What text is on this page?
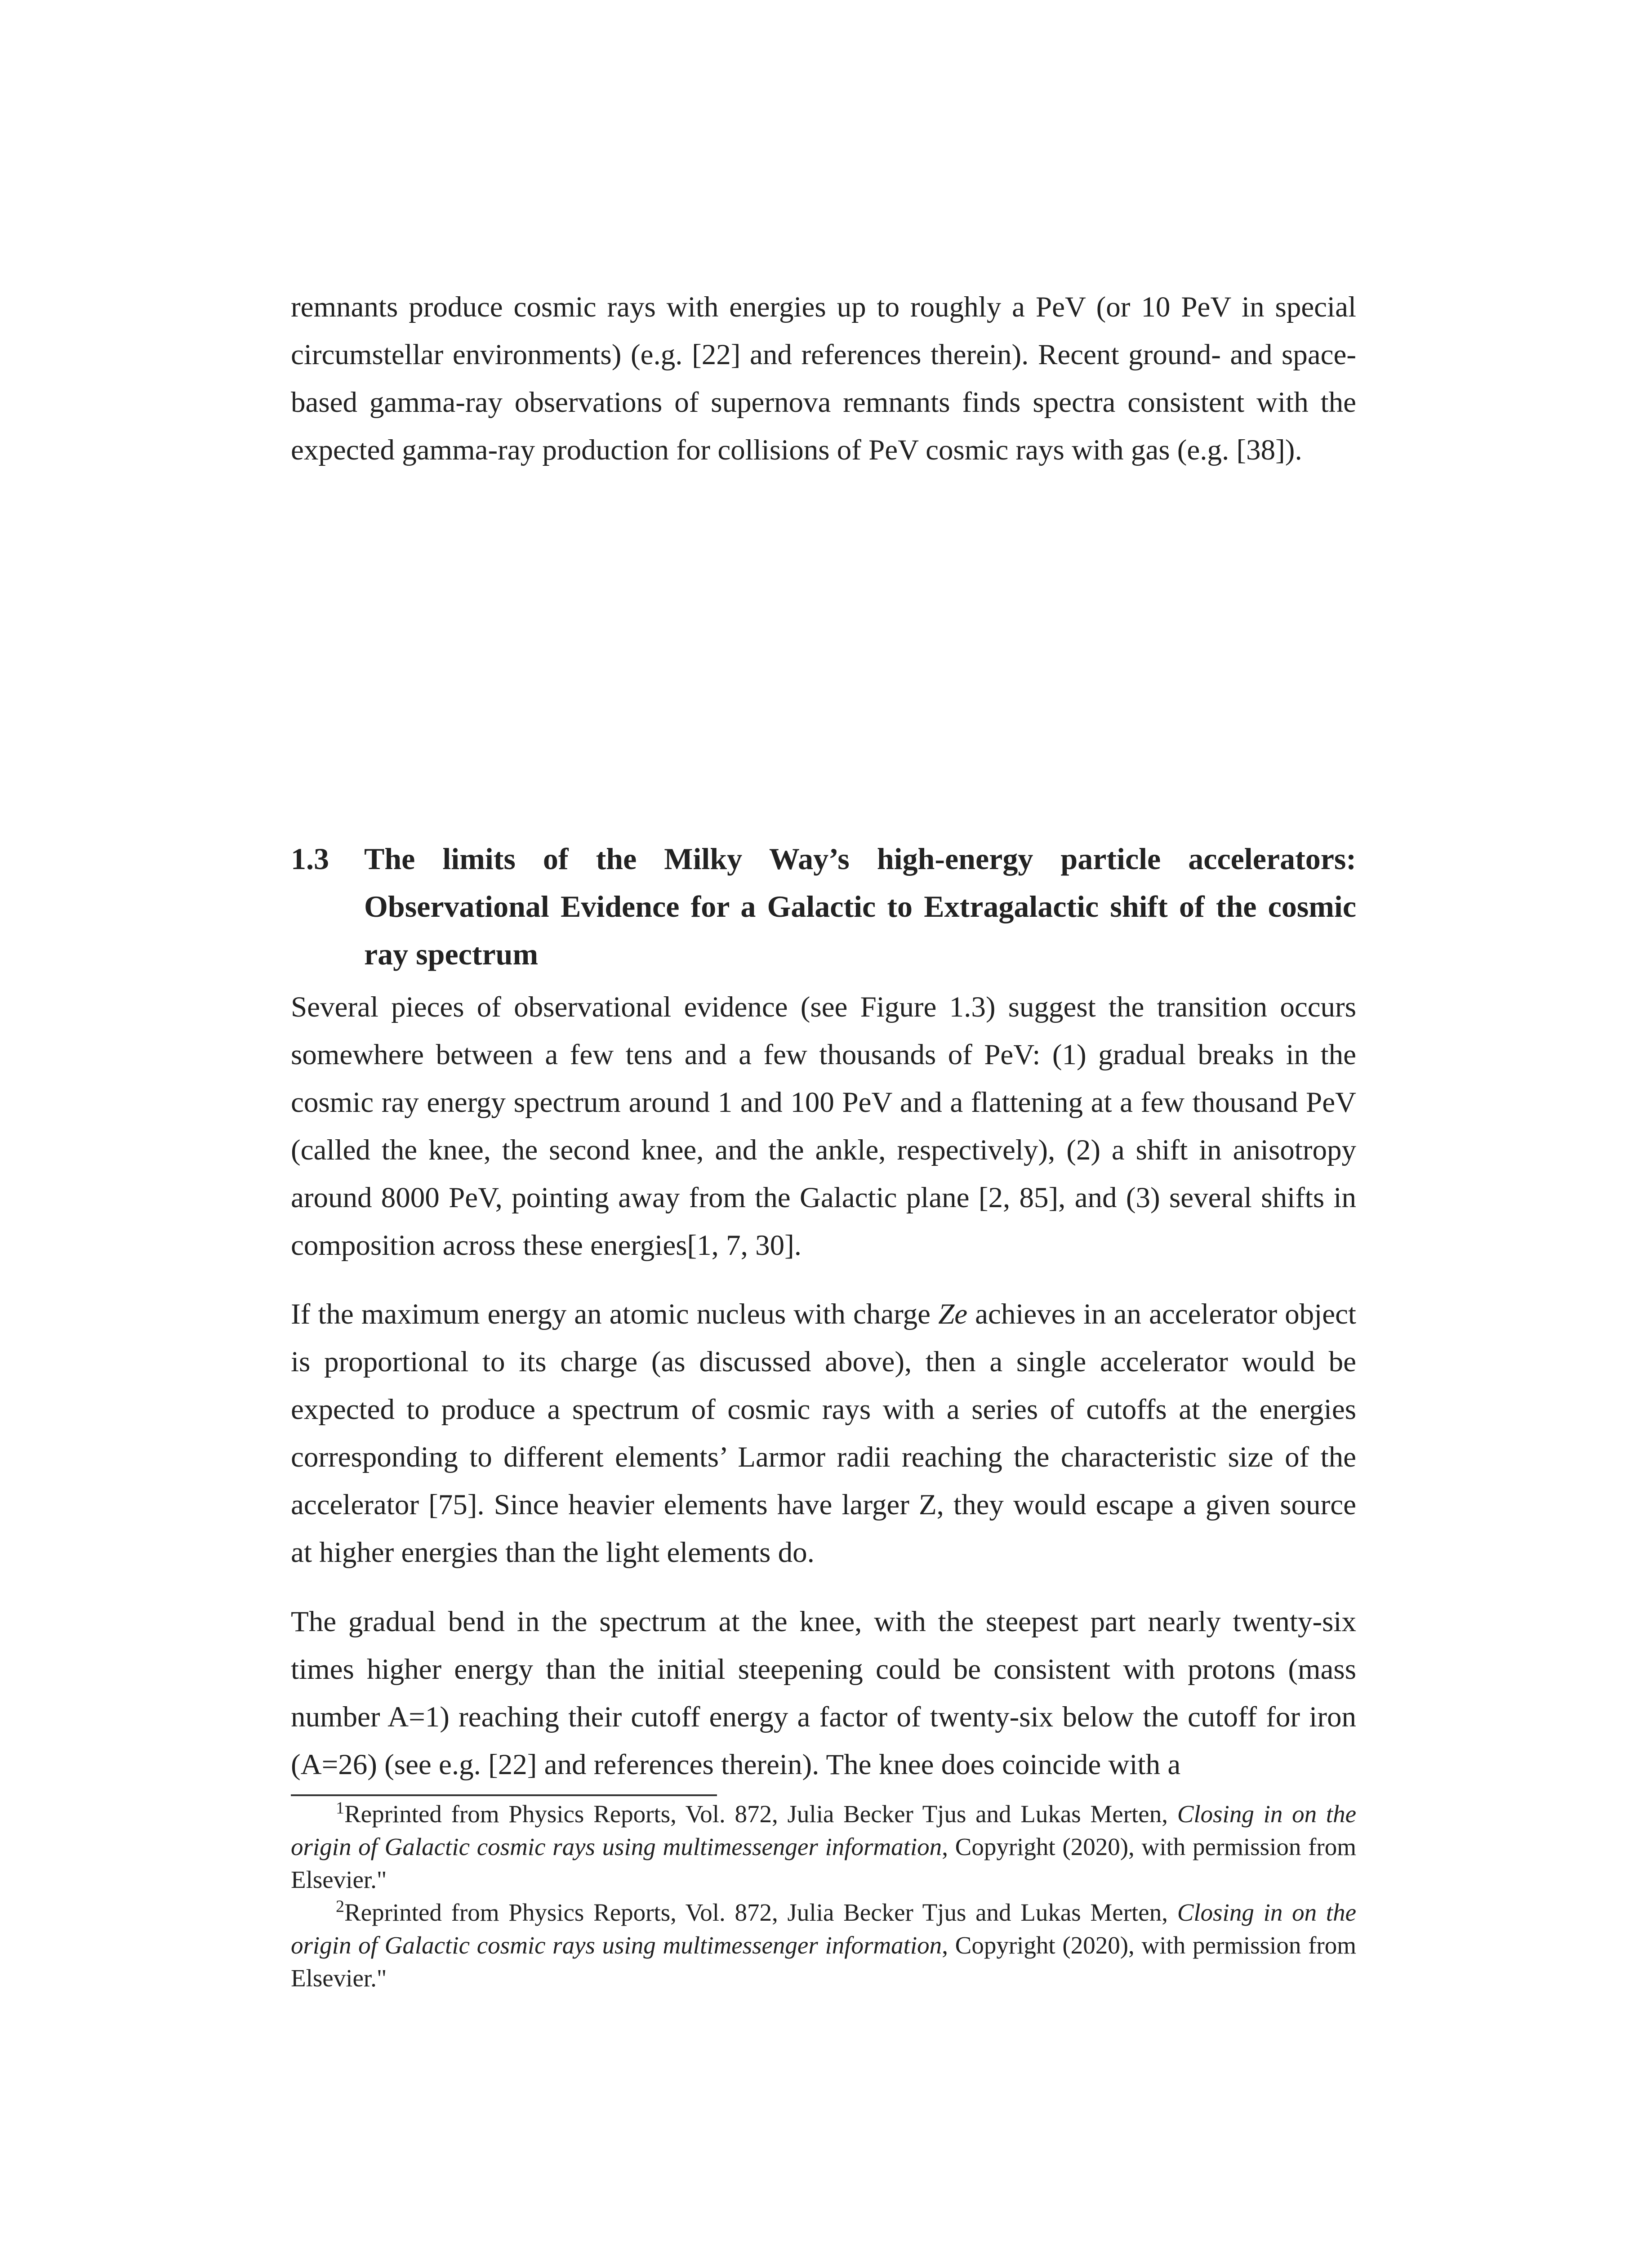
remnants produce cosmic rays with energies up to roughly a PeV (or 10 PeV in special circumstellar environments) (e.g. [22] and references therein). Recent ground- and space- based gamma-ray observations of supernova remnants finds spectra consistent with the expected gamma-ray production for collisions of PeV cosmic rays with gas (e.g. [38]).

1.3 The limits of the Milky Way’s high-energy particle accelerators: Observational Evidence for a Galactic to Extragalactic shift of the cosmic ray spectrum

Several pieces of observational evidence (see Figure 1.3) suggest the transition occurs somewhere between a few tens and a few thousands of PeV: (1) gradual breaks in the cosmic ray energy spectrum around 1 and 100 PeV and a flattening at a few thousand PeV (called the knee, the second knee, and the ankle, respectively), (2) a shift in anisotropy around 8000 PeV, pointing away from the Galactic plane [2, 85], and (3) several shifts in composition across these energies[1, 7, 30].

If the maximum energy an atomic nucleus with charge Ze achieves in an accelerator object is proportional to its charge (as discussed above), then a single accelerator would be expected to produce a spectrum of cosmic rays with a series of cutoffs at the energies corresponding to different elements’ Larmor radii reaching the characteristic size of the accelerator [75]. Since heavier elements have larger Z, they would escape a given source at higher energies than the light elements do.

The gradual bend in the spectrum at the knee, with the steepest part nearly twenty-six times higher energy than the initial steepening could be consistent with protons (mass number A=1) reaching their cutoff energy a factor of twenty-six below the cutoff for iron (A=26) (see e.g. [22] and references therein). The knee does coincide with a

$^1$Reprinted from Physics Reports, Vol. 872, Julia Becker Tjus and Lukas Merten, Closing in on the origin of Galactic cosmic rays using multimessenger information, Copyright (2020), with permission from Elsevier."

$^2$Reprinted from Physics Reports, Vol. 872, Julia Becker Tjus and Lukas Merten, Closing in on the origin of Galactic cosmic rays using multimessenger information, Copyright (2020), with permission from Elsevier."
